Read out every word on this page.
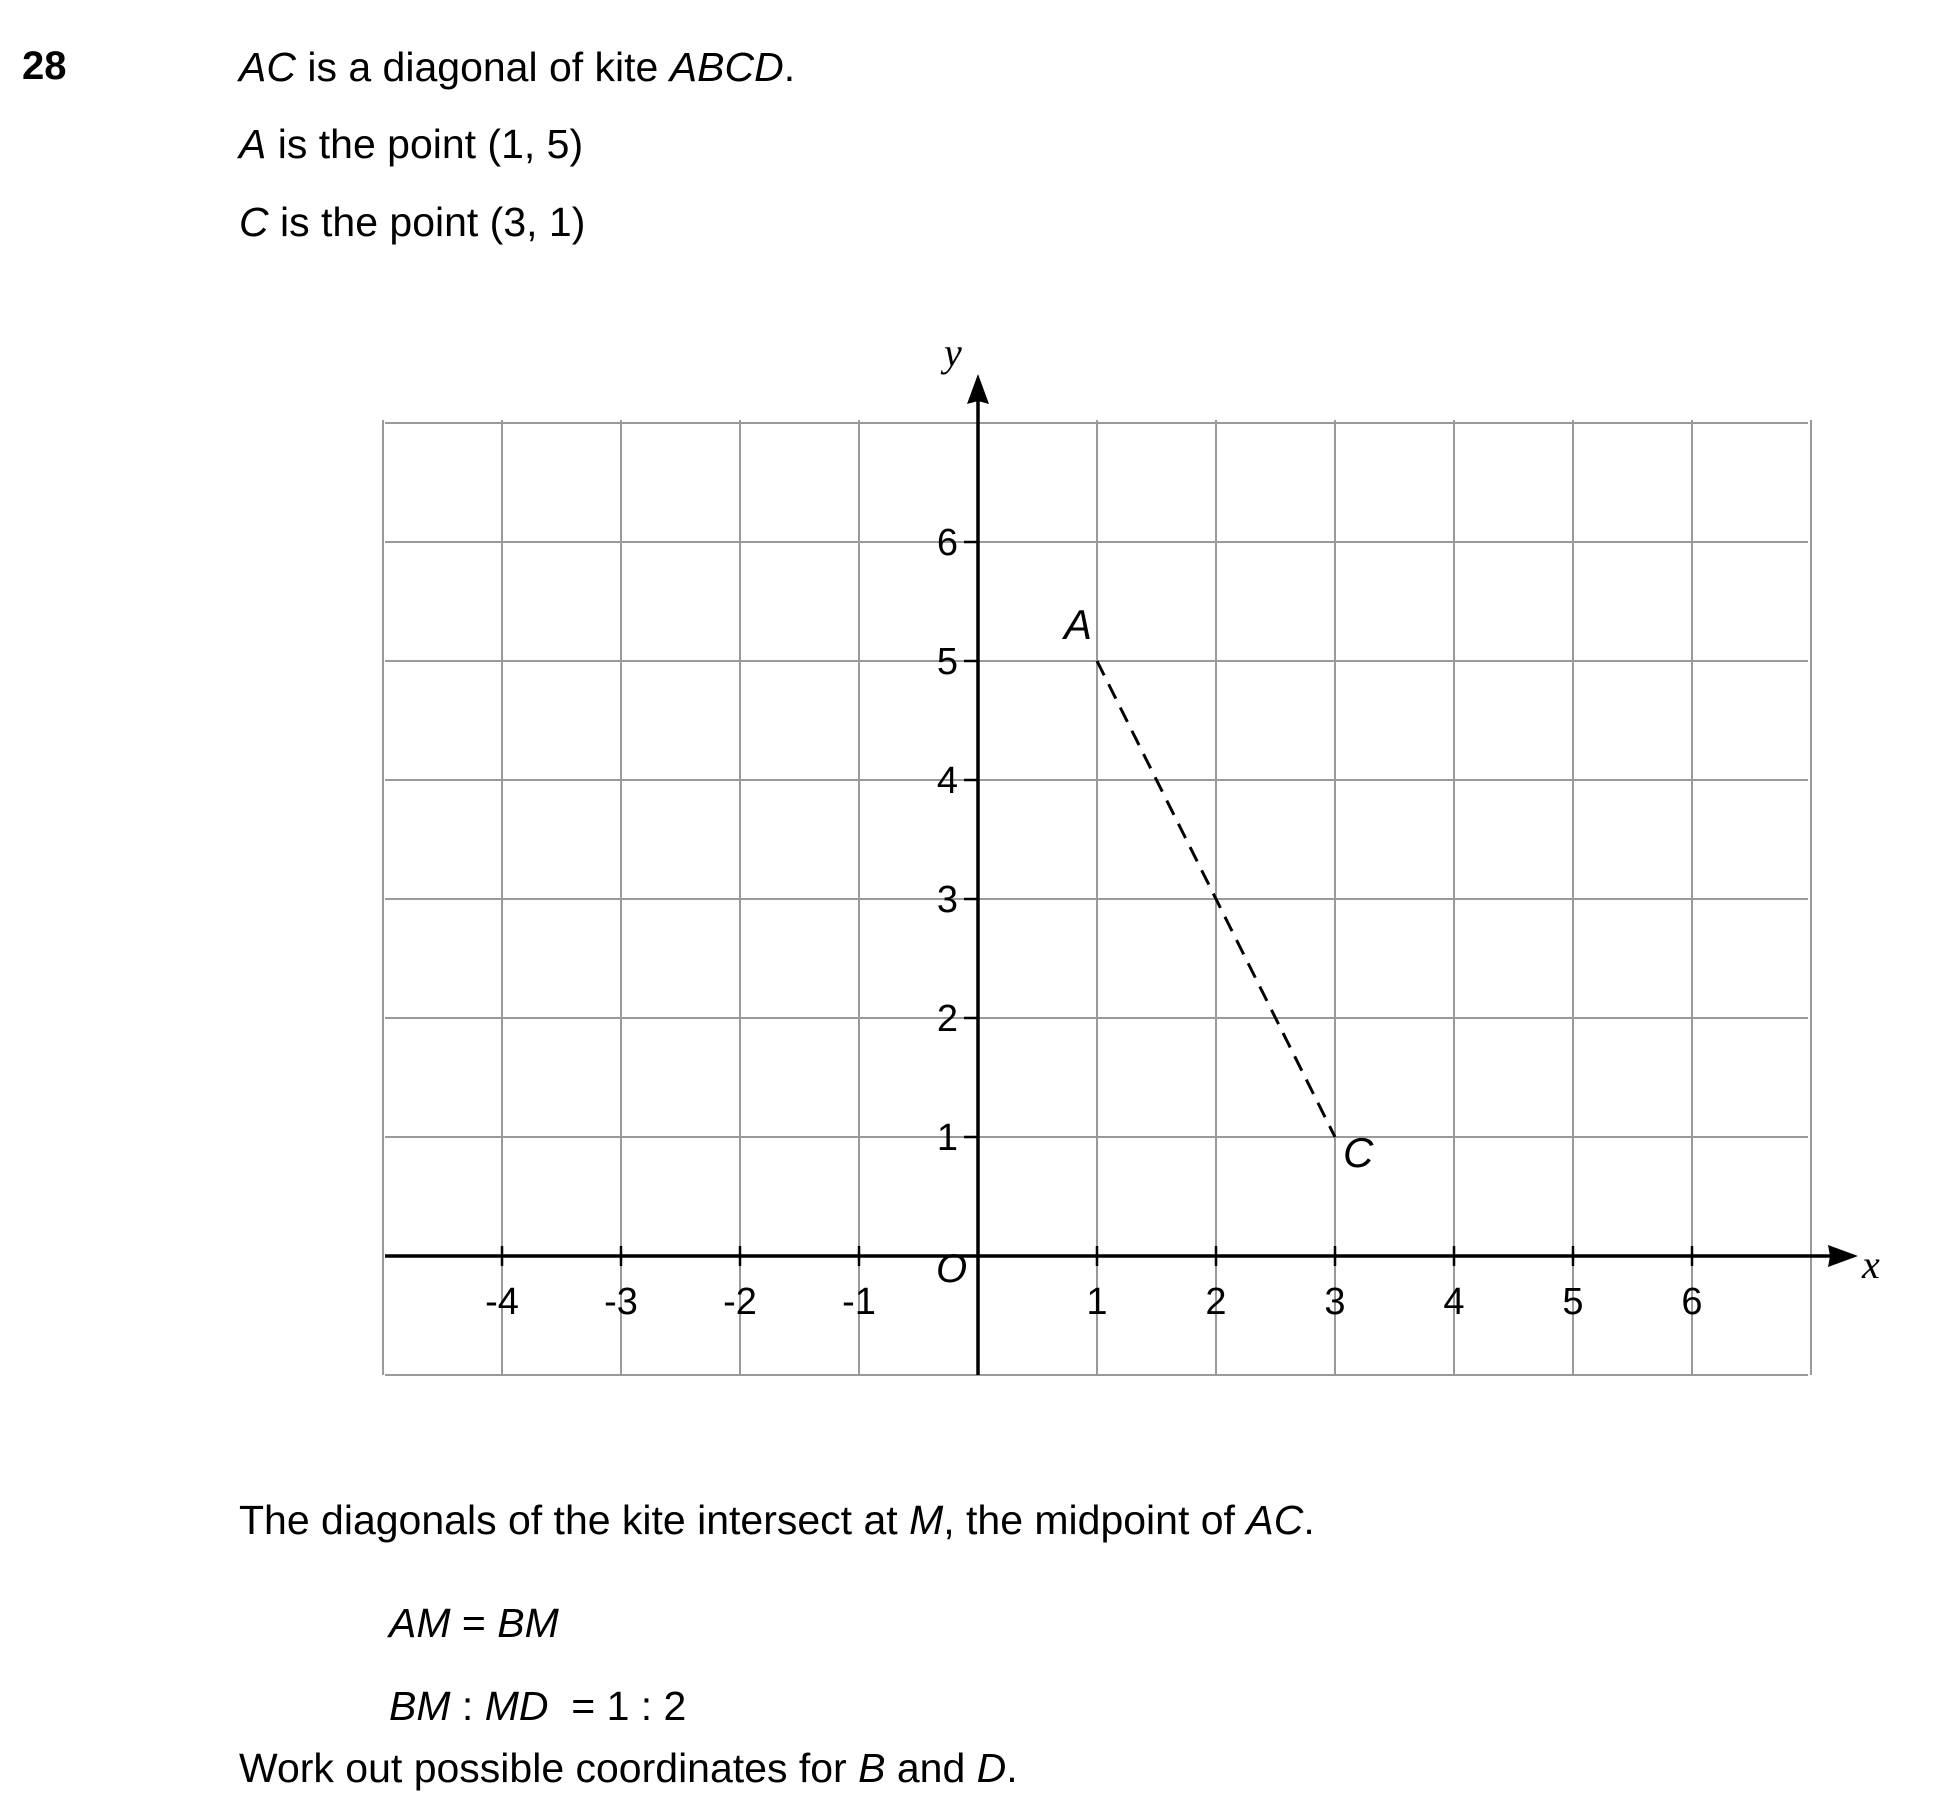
28	AC is a diagonal of kite ABCD.
A is the point (1, 5)
C is the point (3, 1)
-4 -3 -2 -1	1	2	3	4	5	6
1
2
3
4
5
6
x
y
O
A
C
The diagonals of the kite intersect at M, the midpoint of AC.
AM = BM
BM : MD  = 1 : 2
Work out possible coordinates for B and D.
